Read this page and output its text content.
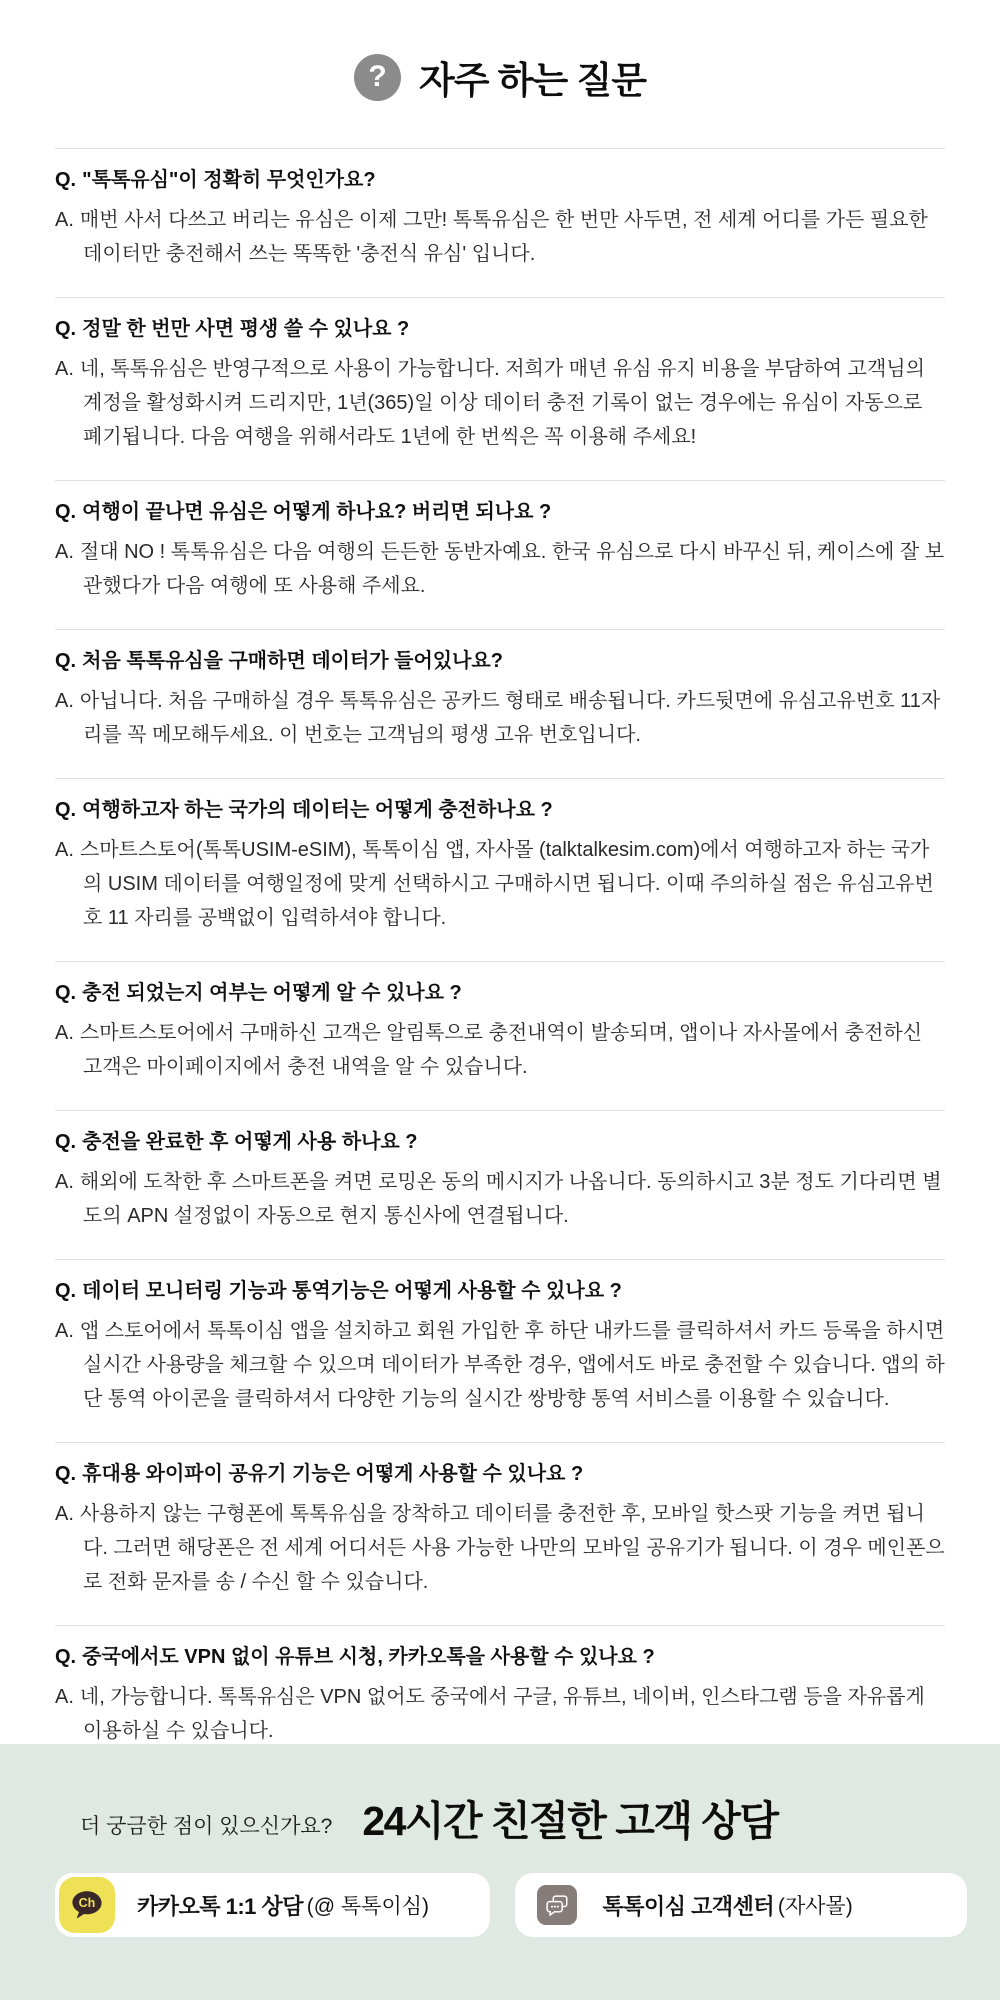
? 자주 하는 질문

Q. "톡톡유심"이 정확히 무엇인가요?

A. 매번 사서 다쓰고 버리는 유심은 이제 그만! 톡톡유심은 한 번만 사두면, 전 세계 어디를 가든 필요한 데이터만 충전해서 쓰는 똑똑한 '충전식 유심' 입니다.

Q. 정말 한 번만 사면 평생 쓸 수 있나요 ?

A. 네, 톡톡유심은 반영구적으로 사용이 가능합니다. 저희가 매년 유심 유지 비용을 부담하여 고객님의 계정을 활성화시켜 드리지만, 1년(365)일 이상 데이터 충전 기록이 없는 경우에는 유심이 자동으로 폐기됩니다. 다음 여행을 위해서라도 1년에 한 번씩은 꼭 이용해 주세요!

Q. 여행이 끝나면 유심은 어떻게 하나요? 버리면 되나요 ?

A. 절대 NO ! 톡톡유심은 다음 여행의 든든한 동반자예요. 한국 유심으로 다시 바꾸신 뒤, 케이스에 잘 보관했다가 다음 여행에 또 사용해 주세요.

Q. 처음 톡톡유심을 구매하면 데이터가 들어있나요?

A. 아닙니다. 처음 구매하실 경우 톡톡유심은 공카드 형태로 배송됩니다. 카드뒷면에 유심고유번호 11자리를 꼭 메모해두세요. 이 번호는 고객님의 평생 고유 번호입니다.

Q. 여행하고자 하는 국가의 데이터는 어떻게 충전하나요 ?

A. 스마트스토어(톡톡USIM-eSIM), 톡톡이심 앱, 자사몰 (talktalkesim.com)에서 여행하고자 하는 국가의 USIM 데이터를 여행일정에 맞게 선택하시고 구매하시면 됩니다. 이때 주의하실 점은 유심고유번호 11 자리를 공백없이 입력하셔야 합니다.

Q. 충전 되었는지 여부는 어떻게 알 수 있나요 ?

A. 스마트스토어에서 구매하신 고객은 알림톡으로 충전내역이 발송되며, 앱이나 자사몰에서 충전하신 고객은 마이페이지에서 충전 내역을 알 수 있습니다.

Q. 충전을 완료한 후 어떻게 사용 하나요 ?

A. 해외에 도착한 후 스마트폰을 켜면 로밍온 동의 메시지가 나옵니다. 동의하시고 3분 정도 기다리면 별도의 APN 설정없이 자동으로 현지 통신사에 연결됩니다.

Q. 데이터 모니터링 기능과 통역기능은 어떻게 사용할 수 있나요 ?

A. 앱 스토어에서 톡톡이심 앱을 설치하고 회원 가입한 후 하단 내카드를 클릭하셔서 카드 등록을 하시면 실시간 사용량을 체크할 수 있으며 데이터가 부족한 경우, 앱에서도 바로 충전할 수 있습니다. 앱의 하단 통역 아이콘을 클릭하셔서 다양한 기능의 실시간 쌍방향 통역 서비스를 이용할 수 있습니다.

Q. 휴대용 와이파이 공유기 기능은 어떻게 사용할 수 있나요 ?

A. 사용하지 않는 구형폰에 톡톡유심을 장착하고 데이터를 충전한 후, 모바일 핫스팟 기능을 켜면 됩니다. 그러면 해당폰은 전 세계 어디서든 사용 가능한 나만의 모바일 공유기가 됩니다. 이 경우 메인폰으로 전화 문자를 송 / 수신 할 수 있습니다.

Q. 중국에서도 VPN 없이 유튜브 시청, 카카오톡을 사용할 수 있나요 ?

A. 네, 가능합니다. 톡톡유심은 VPN 없어도 중국에서 구글, 유튜브, 네이버, 인스타그램 등을 자유롭게 이용하실 수 있습니다.

더 궁금한 점이 있으신가요? 24시간 친절한 고객 상담
Ch 카카오톡 1:1 상담
(@ 톡톡이심)	톡톡이심 고객센터
(자사몰)
